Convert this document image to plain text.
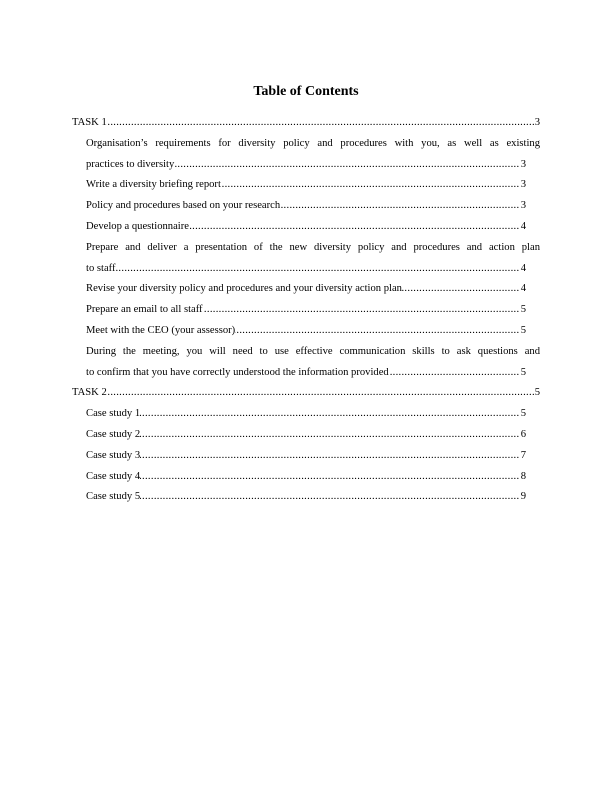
Table of Contents
.....
TASK 1	3
Organisation’s requirements for diversity policy and procedures with you, as well as existing
.....
practices to diversity	3
.....
Write a diversity briefing report	3
.....
Policy and procedures based on your research	3
.....
Develop a questionnaire	4
Prepare and deliver a presentation of the new diversity policy and procedures and action plan
.....
to staff	4
.....
Revise your diversity policy and procedures and your diversity action plan	4
.....
Prepare an email to all staff	5
.....
Meet with the CEO (your assessor)	5
During the meeting, you will need to use effective communication skills to ask questions and
.....
to confirm that you have correctly understood the information provided	5
.....
TASK 2	5
.....
Case study 1	5
.....
Case study 2	6
.....
Case study 3	7
.....
Case study 4	8
.....
Case study 5	9
